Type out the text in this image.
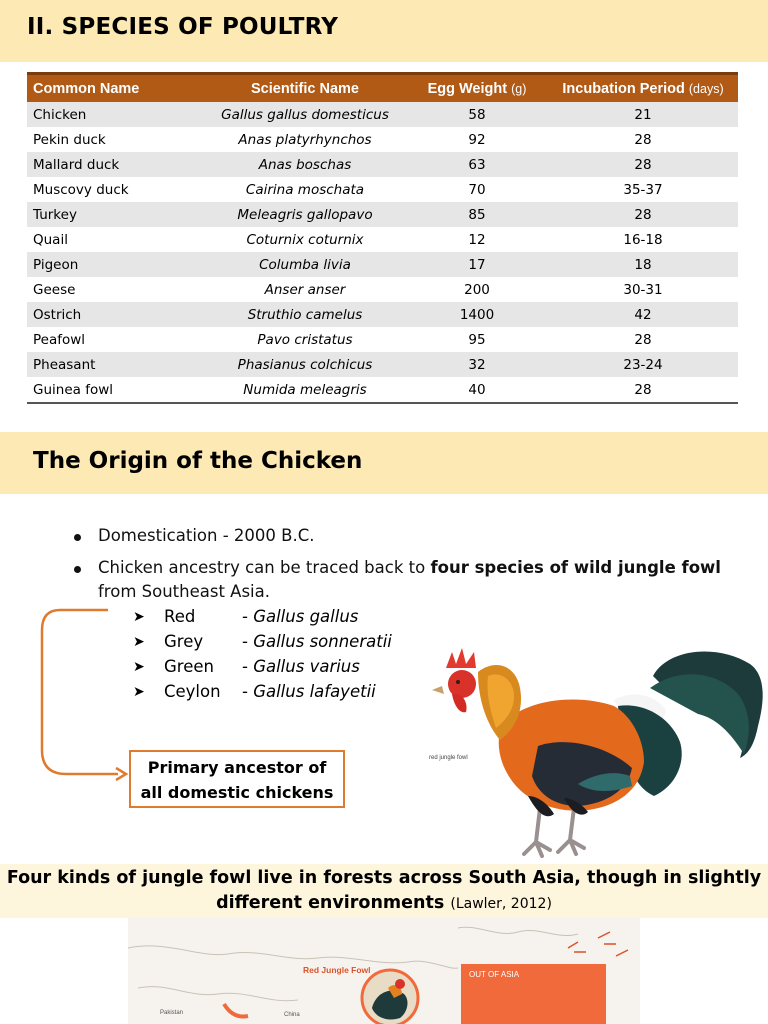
II. SPECIES OF POULTRY
Common Name	Scientific Name	Egg Weight (g)	Incubation Period (days)
Chicken	Gallus gallus domesticus	58	21
Pekin duck	Anas platyrhynchos	92	28
Mallard duck	Anas boschas	63	28
Muscovy duck	Cairina moschata	70	35-37
Turkey	Meleagris gallopavo	85	28
Quail	Coturnix coturnix	12	16-18
Pigeon	Columba livia	17	18
Geese	Anser anser	200	30-31
Ostrich	Struthio camelus	1400	42
Peafowl	Pavo cristatus	95	28
Pheasant	Phasianus colchicus	32	23-24
Guinea fowl	Numida meleagris	40	28
The Origin of the Chicken
Domestication - 2000 B.C.
Chicken ancestry can be traced back to four species of wild jungle fowl from Southeast Asia.
➤ Red	- Gallus gallus
➤ Grey - Gallus sonneratii
➤ Green - Gallus varius
➤ Ceylon - Gallus lafayetii
Primary ancestor of
all domestic chickens
red jungle fowl
Four kinds of jungle fowl live in forests across South Asia, though in slightly
different environments (Lawler, 2012)
Red Jungle Fowl
Pakistan	China
OUT OF ASIA
